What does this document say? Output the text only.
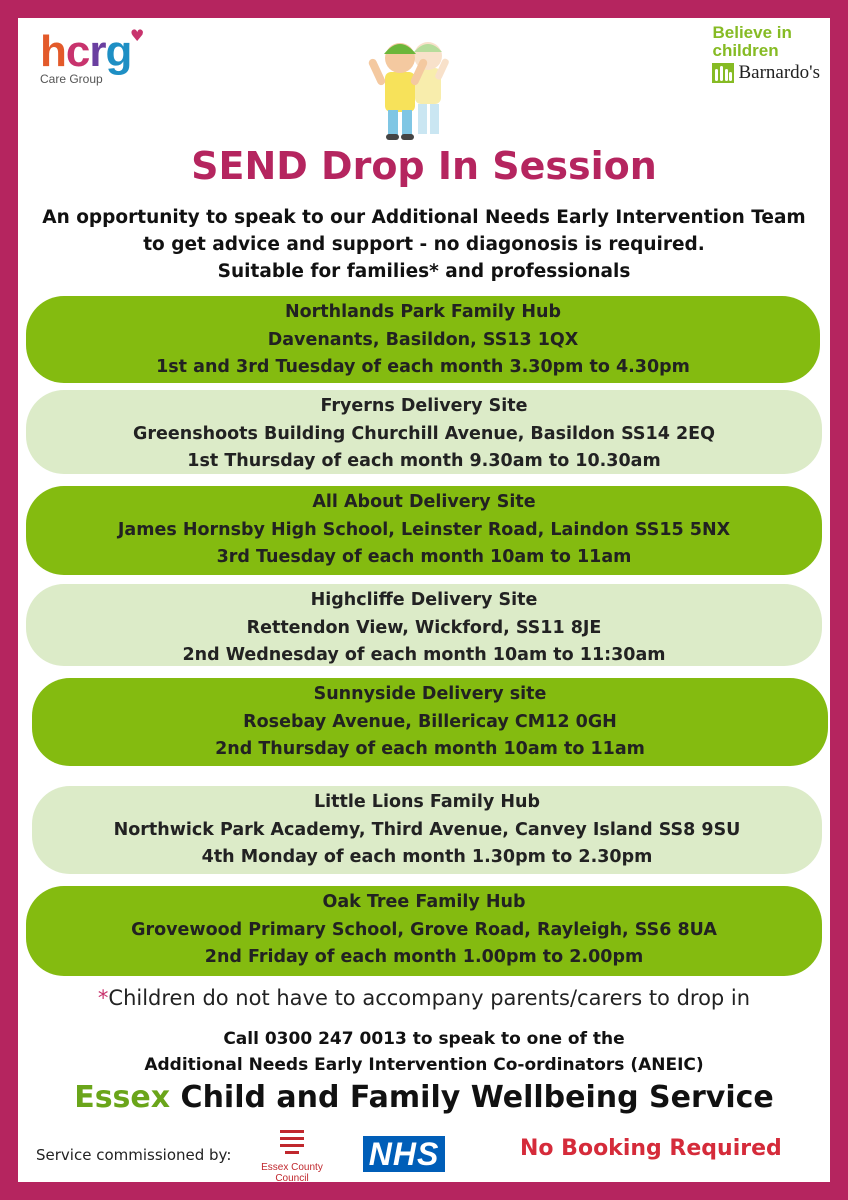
hcrg
♥
Care Group
Believe in
children
Barnardo's
SEND Drop In Session
An opportunity to speak to our Additional Needs Early Intervention Team
to get advice and support - no diagonosis is required.
Suitable for families* and professionals
Northlands Park Family Hub
Davenants, Basildon, SS13 1QX
1st and 3rd Tuesday of each month 3.30pm to 4.30pm
Fryerns Delivery Site
Greenshoots Building Churchill Avenue, Basildon SS14 2EQ
1st Thursday of each month 9.30am to 10.30am
All About Delivery Site
James Hornsby High School, Leinster Road, Laindon SS15 5NX
3rd Tuesday of each month 10am to 11am
Highcliffe Delivery Site
Rettendon View, Wickford, SS11 8JE
2nd Wednesday of each month 10am to 11:30am
Sunnyside Delivery site
Rosebay Avenue, Billericay CM12 0GH
2nd Thursday of each month 10am to 11am
Little Lions Family Hub
Northwick Park Academy, Third Avenue, Canvey Island SS8 9SU
4th Monday of each month 1.30pm to 2.30pm
Oak Tree Family Hub
Grovewood Primary School, Grove Road, Rayleigh, SS6 8UA
2nd Friday of each month 1.00pm to 2.00pm
*Children do not have to accompany parents/carers to drop in
Call 0300 247 0013 to speak to one of the
Additional Needs Early Intervention Co-ordinators (ANEIC)
Essex Child and Family Wellbeing Service
Service commissioned by:
Essex County Council
NHS	No Booking Required
